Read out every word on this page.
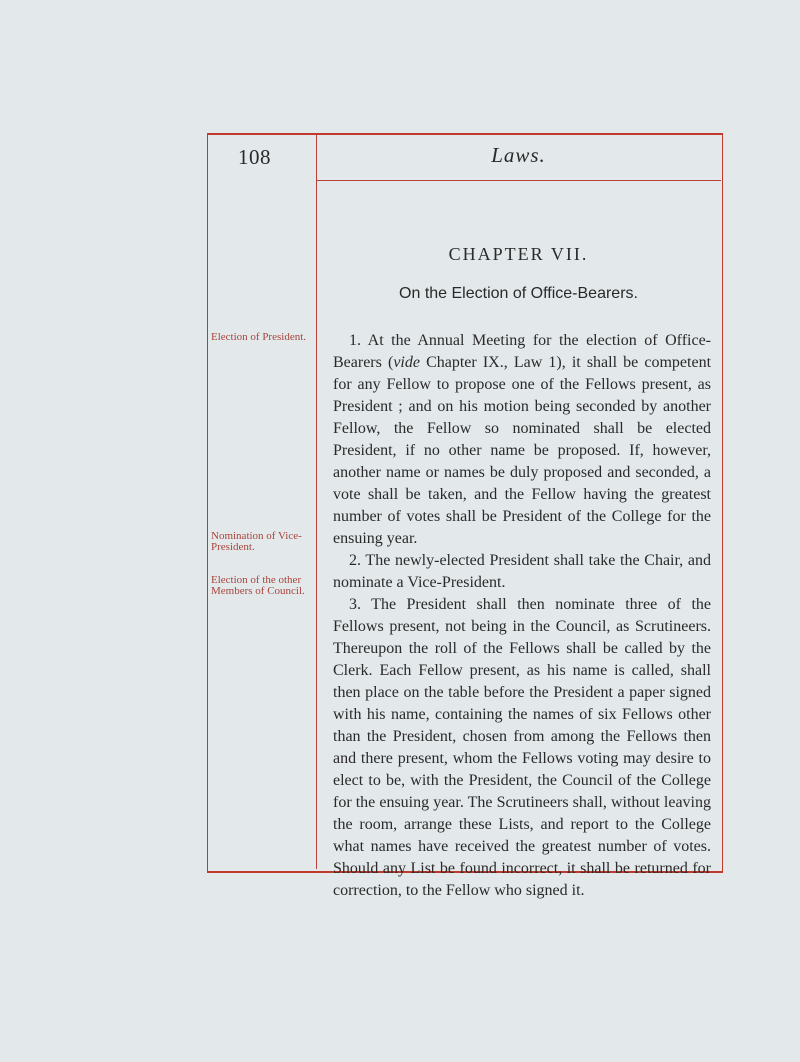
108	Laws.
CHAPTER VII.
On the Election of Office-Bearers.
Election of President.
Nomination of Vice-President.
Election of the other Members of Council.

1. At the Annual Meeting for the election of Office-Bearers (vide Chapter IX., Law 1), it shall be competent for any Fellow to propose one of the Fellows present, as President ; and on his motion being seconded by another Fellow, the Fellow so nominated shall be elected President, if no other name be proposed. If, however, another name or names be duly proposed and seconded, a vote shall be taken, and the Fellow having the greatest number of votes shall be President of the College for the ensuing year.

2. The newly-elected President shall take the Chair, and nominate a Vice-President.

3. The President shall then nominate three of the Fellows present, not being in the Council, as Scrutineers. Thereupon the roll of the Fellows shall be called by the Clerk. Each Fellow present, as his name is called, shall then place on the table before the President a paper signed with his name, containing the names of six Fellows other than the President, chosen from among the Fellows then and there present, whom the Fellows voting may desire to elect to be, with the President, the Council of the College for the ensuing year. The Scrutineers shall, without leaving the room, arrange these Lists, and report to the College what names have received the greatest number of votes. Should any List be found incorrect, it shall be returned for correction, to the Fellow who signed it.
